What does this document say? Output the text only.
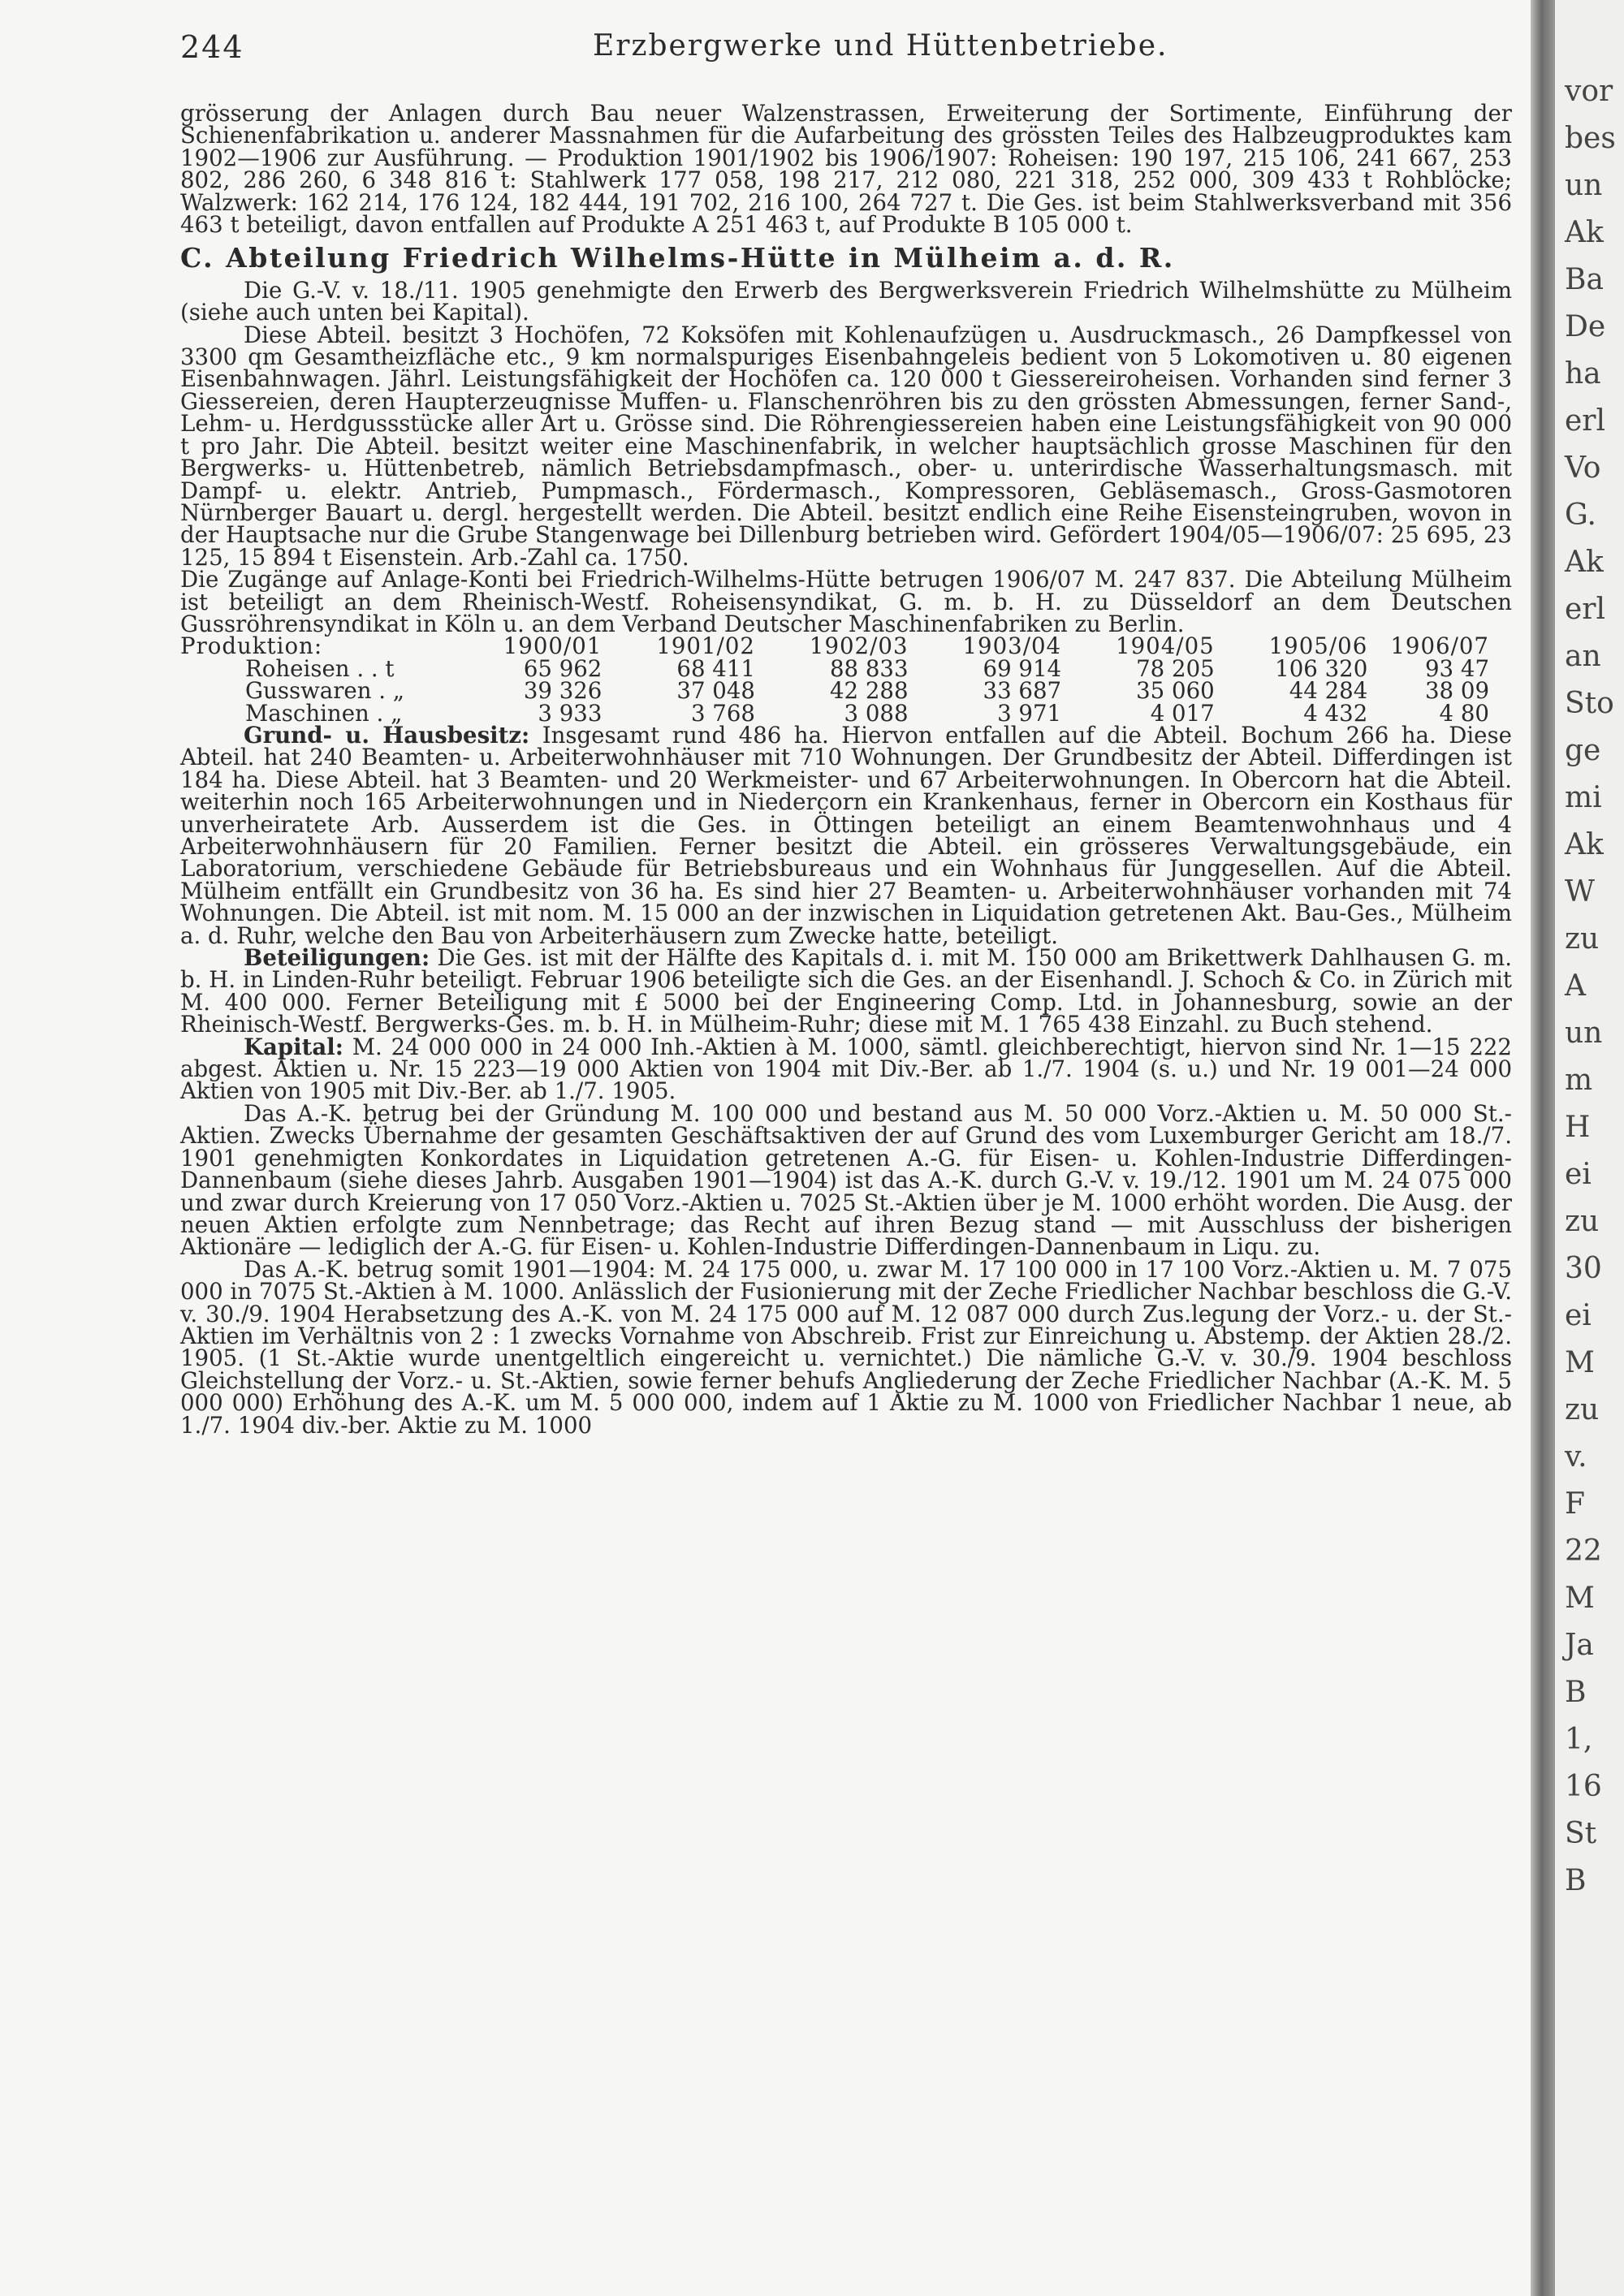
244	Erzbergwerke und Hüttenbetriebe.

grösserung der Anlagen durch Bau neuer Walzenstrassen, Erweiterung der Sortimente, Einführung der Schienenfabrikation u. anderer Massnahmen für die Aufarbeitung des grössten Teiles des Halbzeugproduktes kam 1902—1906 zur Ausführung. — Produktion 1901/1902 bis 1906/1907: Roheisen: 190 197, 215 106, 241 667, 253 802, 286 260, 6 348 816 t: Stahlwerk 177 058, 198 217, 212 080, 221 318, 252 000, 309 433 t Rohblöcke; Walzwerk: 162 214, 176 124, 182 444, 191 702, 216 100, 264 727 t. Die Ges. ist beim Stahlwerksverband mit 356 463 t beteiligt, davon entfallen auf Produkte A 251 463 t, auf Produkte B 105 000 t.

C. Abteilung Friedrich Wilhelms-Hütte in Mülheim a. d. R.

Die G.-V. v. 18./11. 1905 genehmigte den Erwerb des Bergwerksverein Friedrich Wilhelmshütte zu Mülheim (siehe auch unten bei Kapital).

Diese Abteil. besitzt 3 Hochöfen, 72 Koksöfen mit Kohlenaufzügen u. Ausdruckmasch., 26 Dampfkessel von 3300 qm Gesamtheizfläche etc., 9 km normalspuriges Eisenbahngeleis bedient von 5 Lokomotiven u. 80 eigenen Eisenbahnwagen. Jährl. Leistungsfähigkeit der Hochöfen ca. 120 000 t Giessereiroheisen. Vorhanden sind ferner 3 Giessereien, deren Haupterzeugnisse Muffen- u. Flanschenröhren bis zu den grössten Abmessungen, ferner Sand-, Lehm- u. Herdgussstücke aller Art u. Grösse sind. Die Röhrengiessereien haben eine Leistungsfähigkeit von 90 000 t pro Jahr. Die Abteil. besitzt weiter eine Maschinenfabrik, in welcher hauptsächlich grosse Maschinen für den Bergwerks- u. Hüttenbetreb, nämlich Betriebsdampfmasch., ober- u. unterirdische Wasserhaltungsmasch. mit Dampf- u. elektr. Antrieb, Pumpmasch., Fördermasch., Kompressoren, Gebläsemasch., Gross-Gasmotoren Nürnberger Bauart u. dergl. hergestellt werden. Die Abteil. besitzt endlich eine Reihe Eisensteingruben, wovon in der Hauptsache nur die Grube Stangenwage bei Dillenburg betrieben wird. Gefördert 1904/05—1906/07: 25 695, 23 125, 15 894 t Eisenstein. Arb.-Zahl ca. 1750.

Die Zugänge auf Anlage-Konti bei Friedrich-Wilhelms-Hütte betrugen 1906/07 M. 247 837. Die Abteilung Mülheim ist beteiligt an dem Rheinisch-Westf. Roheisensyndikat, G. m. b. H. zu Düsseldorf an dem Deutschen Gussröhrensyndikat in Köln u. an dem Verband Deutscher Maschinenfabriken zu Berlin.

Produktion:	1900/01	1901/02	1902/03	1903/04	1904/05	1905/06	1906/07
Roheisen . . t	65 962	68 411	88 833	69 914	78 205	106 320	93 47
Gusswaren . „	39 326	37 048	42 288	33 687	35 060	44 284	38 09
Maschinen . „	3 933	3 768	3 088	3 971	4 017	4 432	4 80

Grund- u. Hausbesitz: Insgesamt rund 486 ha. Hiervon entfallen auf die Abteil. Bochum 266 ha. Diese Abteil. hat 240 Beamten- u. Arbeiterwohnhäuser mit 710 Wohnungen. Der Grundbesitz der Abteil. Differdingen ist 184 ha. Diese Abteil. hat 3 Beamten- und 20 Werkmeister- und 67 Arbeiterwohnungen. In Obercorn hat die Abteil. weiterhin noch 165 Arbeiterwohnungen und in Niedercorn ein Krankenhaus, ferner in Obercorn ein Kosthaus für unverheiratete Arb. Ausserdem ist die Ges. in Öttingen beteiligt an einem Beamtenwohnhaus und 4 Arbeiterwohnhäusern für 20 Familien. Ferner besitzt die Abteil. ein grösseres Verwaltungsgebäude, ein Laboratorium, verschiedene Gebäude für Betriebsbureaus und ein Wohnhaus für Junggesellen. Auf die Abteil. Mülheim entfällt ein Grundbesitz von 36 ha. Es sind hier 27 Beamten- u. Arbeiterwohnhäuser vorhanden mit 74 Wohnungen. Die Abteil. ist mit nom. M. 15 000 an der inzwischen in Liquidation getretenen Akt. Bau-Ges., Mülheim a. d. Ruhr, welche den Bau von Arbeiterhäusern zum Zwecke hatte, beteiligt.

Beteiligungen: Die Ges. ist mit der Hälfte des Kapitals d. i. mit M. 150 000 am Brikettwerk Dahlhausen G. m. b. H. in Linden-Ruhr beteiligt. Februar 1906 beteiligte sich die Ges. an der Eisenhandl. J. Schoch & Co. in Zürich mit M. 400 000. Ferner Beteiligung mit £ 5000 bei der Engineering Comp. Ltd. in Johannesburg, sowie an der Rheinisch-Westf. Bergwerks-Ges. m. b. H. in Mülheim-Ruhr; diese mit M. 1 765 438 Einzahl. zu Buch stehend.

Kapital: M. 24 000 000 in 24 000 Inh.-Aktien à M. 1000, sämtl. gleichberechtigt, hiervon sind Nr. 1—15 222 abgest. Aktien u. Nr. 15 223—19 000 Aktien von 1904 mit Div.-Ber. ab 1./7. 1904 (s. u.) und Nr. 19 001—24 000 Aktien von 1905 mit Div.-Ber. ab 1./7. 1905.

Das A.-K. betrug bei der Gründung M. 100 000 und bestand aus M. 50 000 Vorz.-Aktien u. M. 50 000 St.-Aktien. Zwecks Übernahme der gesamten Geschäftsaktiven der auf Grund des vom Luxemburger Gericht am 18./7. 1901 genehmigten Konkordates in Liquidation getretenen A.-G. für Eisen- u. Kohlen-Industrie Differdingen-Dannenbaum (siehe dieses Jahrb. Ausgaben 1901—1904) ist das A.-K. durch G.-V. v. 19./12. 1901 um M. 24 075 000 und zwar durch Kreierung von 17 050 Vorz.-Aktien u. 7025 St.-Aktien über je M. 1000 erhöht worden. Die Ausg. der neuen Aktien erfolgte zum Nennbetrage; das Recht auf ihren Bezug stand — mit Ausschluss der bisherigen Aktionäre — lediglich der A.-G. für Eisen- u. Kohlen-Industrie Differdingen-Dannenbaum in Liqu. zu.

Das A.-K. betrug somit 1901—1904: M. 24 175 000, u. zwar M. 17 100 000 in 17 100 Vorz.-Aktien u. M. 7 075 000 in 7075 St.-Aktien à M. 1000. Anlässlich der Fusionierung mit der Zeche Friedlicher Nachbar beschloss die G.-V. v. 30./9. 1904 Herabsetzung des A.-K. von M. 24 175 000 auf M. 12 087 000 durch Zus.legung der Vorz.- u. der St.-Aktien im Verhältnis von 2 : 1 zwecks Vornahme von Abschreib. Frist zur Einreichung u. Abstemp. der Aktien 28./2. 1905. (1 St.-Aktie wurde unentgeltlich eingereicht u. vernichtet.) Die nämliche G.-V. v. 30./9. 1904 beschloss Gleichstellung der Vorz.- u. St.-Aktien, sowie ferner behufs Angliederung der Zeche Friedlicher Nachbar (A.-K. M. 5 000 000) Erhöhung des A.-K. um M. 5 000 000, indem auf 1 Aktie zu M. 1000 von Friedlicher Nachbar 1 neue, ab 1./7. 1904 div.-ber. Aktie zu M. 1000

vor
bes
un
Ak
Ba
De
ha
erl
Vo
G.
Ak
erl
an
Sto
ge
mi
Ak
W
zu
A
un
m
H
ei
zu
30
ei
M
zu
v.
F
22
M
Ja
B
1,
16
St
B
